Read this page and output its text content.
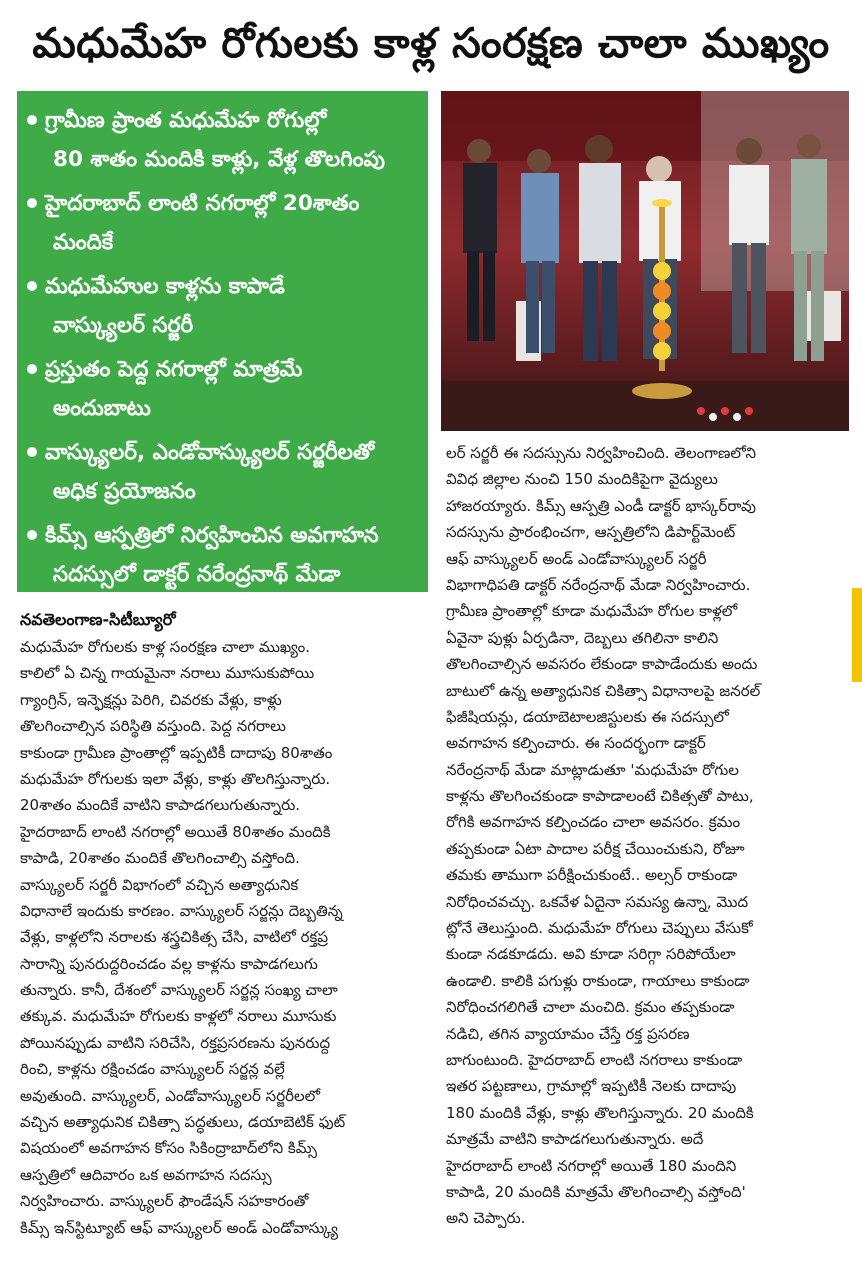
మధుమేహ రోగులకు కాళ్ల సంరక్షణ చాలా ముఖ్యం
గ్రామీణ ప్రాంత మధుమేహ రోగుల్లో
80 శాతం మందికి కాళ్లు, వేళ్ల తొలగింపు
హైదరాబాద్ లాంటి నగరాల్లో 20శాతం
మందికే
మధుమేహుల కాళ్లను కాపాడే
వాస్క్యులర్ సర్జరీ
ప్రస్తుతం పెద్ద నగరాల్లో మాత్రమే
అందుబాటు
వాస్క్యులర్, ఎండోవాస్క్యులర్ సర్జరీలతో
అధిక ప్రయోజనం
కిమ్స్ ఆస్పత్రిలో నిర్వహించిన అవగాహన
సదస్సులో డాక్టర్ నరేంద్రనాథ్ మేడా
నవతెలంగాణ-సిటీబ్యూరో
మధుమేహ రోగులకు కాళ్ల సంరక్షణ చాలా ముఖ్యం.
కాలిలో ఏ చిన్న గాయమైనా నరాలు మూసుకుపోయి
గ్యాంగ్రిన్, ఇన్ఫెక్షన్లు పెరిగి, చివరకు వేళ్లు, కాళ్లు
తొలగించాల్సిన పరిస్థితి వస్తుంది. పెద్ద నగరాలు
కాకుండా గ్రామీణ ప్రాంతాల్లో ఇప్పటికీ దాదాపు 80శాతం
మధుమేహ రోగులకు ఇలా వేళ్లు, కాళ్లు తొలగిస్తున్నారు.
20శాతం మందికే వాటిని కాపాడగలుగుతున్నారు.
హైదరాబాద్ లాంటి నగరాల్లో అయితే 80శాతం మందికి
కాపాడి, 20శాతం మందికే తొలగించాల్సి వస్తోంది.
వాస్క్యులర్ సర్జరీ విభాగంలో వచ్చిన అత్యాధునిక
విధానాలే ఇందుకు కారణం. వాస్క్యులర్ సర్జన్లు దెబ్బతిన్న
వేళ్లు, కాళ్లలోని నరాలకు శస్త్రచికిత్స చేసి, వాటిలో రక్తప్ర
సారాన్ని పునరుద్దరించడం వల్ల కాళ్లను కాపాడగలుగు
తున్నారు. కానీ, దేశంలో వాస్క్యులర్ సర్జన్ల సంఖ్య చాలా
తక్కువ. మధుమేహ రోగులకు కాళ్లలో నరాలు మూసుకు
పోయినప్పుడు వాటిని సరిచేసి, రక్తప్రసరణను పునరుద్ద
రించి, కాళ్లను రక్షించడం వాస్క్యులర్ సర్జన్ల వల్లే
అవుతుంది. వాస్క్యులర్, ఎండోవాస్క్యులర్ సర్జరీలలో
వచ్చిన అత్యాధునిక చికిత్సా పద్ధతులు, డయాబెటిక్ ఫుట్
విషయంలో అవగాహన కోసం సికింద్రాబాద్‌లోని కిమ్స్
ఆస్పత్రిలో ఆదివారం ఒక అవగాహన సదస్సు
నిర్వహించారు. వాస్క్యులర్ ఫౌండేషన్ సహకారంతో
కిమ్స్ ఇన్‌స్టిట్యూట్ ఆఫ్ వాస్క్యులర్ అండ్ ఎండోవాస్క్యు
లర్ సర్జరీ ఈ సదస్సును నిర్వహించింది. తెలంగాణలోని
వివిధ జిల్లాల నుంచి 150 మందికిపైగా వైద్యులు
హాజరయ్యారు. కిమ్స్ ఆస్పత్రి ఎండీ డాక్టర్ భాస్కర్‌రావు
సదస్సును ప్రారంభించగా, ఆస్పత్రిలోని డిపార్ట్‌మెంట్
ఆఫ్ వాస్క్యులర్ అండ్ ఎండోవాస్క్యులర్ సర్జరీ
విభాగాధిపతి డాక్టర్ నరేంద్రనాథ్ మేడా నిర్వహించారు.
గ్రామీణ ప్రాంతాల్లో కూడా మధుమేహ రోగుల కాళ్లలో
ఏవైనా పుళ్లు ఏర్పడినా, దెబ్బలు తగిలినా కాలిని
తొలగించాల్సిన అవసరం లేకుండా కాపాడేందుకు అందు
బాటులో ఉన్న అత్యాధునిక చికిత్సా విధానాలపై జనరల్
ఫిజీషియన్లు, డయాబెటాలజిస్టులకు ఈ సదస్సులో
అవగాహన కల్పించారు. ఈ సందర్భంగా డాక్టర్
నరేంద్రనాథ్ మేడా మాట్లాడుతూ 'మధుమేహ రోగుల
కాళ్లను తొలగించకుండా కాపాడాలంటే చికిత్సతో పాటు,
రోగికి అవగాహన కల్పించడం చాలా అవసరం. క్రమం
తప్పకుండా ఏటా పాదాల పరీక్ష చేయించుకుని, రోజూ
తమకు తాముగా పరీక్షించుకుంటే.. అల్సర్ రాకుండా
నిరోధించవచ్చు. ఒకవేళ ఏదైనా సమస్య ఉన్నా, మొద
ట్లోనే తెలుస్తుంది. మధుమేహ రోగులు చెప్పులు వేసుకో
కుండా నడకూడదు. అవి కూడా సరిగ్గా సరిపోయేలా
ఉండాలి. కాలికి పగుళ్లు రాకుండా, గాయాలు కాకుండా
నిరోధించగలిగితే చాలా మంచిది. క్రమం తప్పకుండా
నడిచి, తగిన వ్యాయామం చేస్తే రక్త ప్రసరణ
బాగుంటుంది. హైదరాబాద్ లాంటి నగరాలు కాకుండా
ఇతర పట్టణాలు, గ్రామాల్లో ఇప్పటికీ నెలకు దాదాపు
180 మందికి వేళ్లు, కాళ్లు తొలగిస్తున్నారు. 20 మందికి
మాత్రమే వాటిని కాపాడగలుగుతున్నారు. అదే
హైదరాబాద్ లాంటి నగరాల్లో అయితే 180 మందిని
కాపాడి, 20 మందికి మాత్రమే తొలగించాల్సి వస్తోంది'
అని చెప్పారు.
